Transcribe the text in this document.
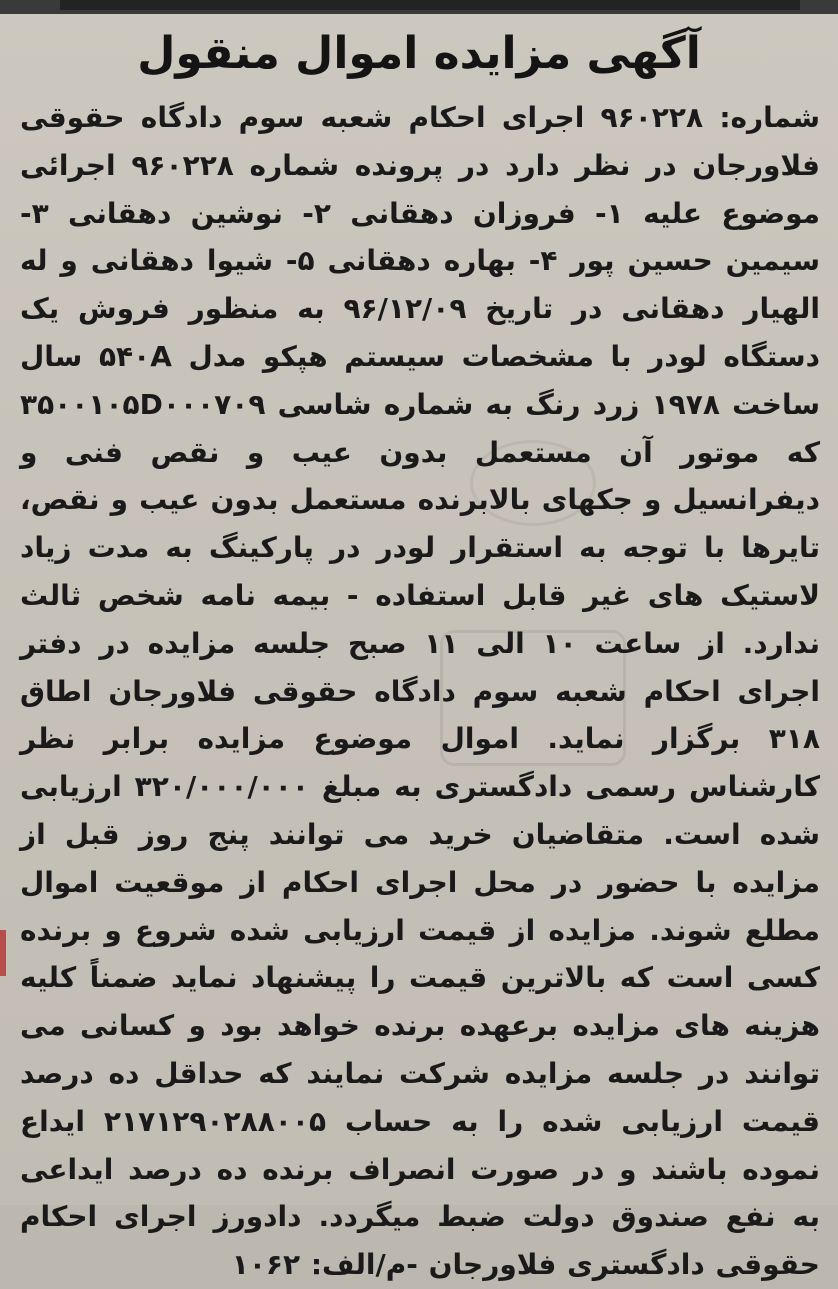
آگهی مزایده اموال منقول
شماره: ۹۶۰۲۲۸ اجرای احکام شعبه سوم دادگاه حقوقی فلاورجان در نظر دارد در پرونده شماره ۹۶۰۲۲۸ اجرائی موضوع علیه ۱- فروزان دهقانی ۲- نوشین دهقانی ۳- سیمین حسین پور ۴- بهاره دهقانی ۵- شیوا دهقانی و له الهیار دهقانی در تاریخ ۹۶/۱۲/۰۹ به منظور فروش یک دستگاه لودر با مشخصات سیستم هپکو مدل ۵۴۰A سال ساخت ۱۹۷۸ زرد رنگ به شماره شاسی ۳۵۰۰۱۰۵D۰۰۰۷۰۹ که موتور آن مستعمل بدون عیب و نقص فنی و دیفرانسیل و جکهای بالابرنده مستعمل بدون عیب و نقص، تایرها با توجه به استقرار لودر در پارکینگ به مدت زیاد لاستیک های غیر قابل استفاده - بیمه نامه شخص ثالث ندارد. از ساعت ۱۰ الی ۱۱ صبح جلسه مزایده در دفتر اجرای احکام شعبه سوم دادگاه حقوقی فلاورجان اطاق ۳۱۸ برگزار نماید. اموال موضوع مزایده برابر نظر کارشناس رسمی دادگستری به مبلغ ۳۲۰/۰۰۰/۰۰۰ ارزیابی شده است. متقاضیان خرید می توانند پنج روز قبل از مزایده با حضور در محل اجرای احکام از موقعیت اموال مطلع شوند. مزایده از قیمت ارزیابی شده شروع و برنده کسی است که بالاترین قیمت را پیشنهاد نماید ضمناً کلیه هزینه های مزایده برعهده برنده خواهد بود و کسانی می توانند در جلسه مزایده شرکت نمایند که حداقل ده درصد قیمت ارزیابی شده را به حساب ۲۱۷۱۲۹۰۲۸۸۰۰۵ ایداع نموده باشند و در صورت انصراف برنده ده درصد ایداعی به نفع صندوق دولت ضبط میگردد. دادورز اجرای احکام حقوقی دادگستری فلاورجان -م/الف: ۱۰۶۲
